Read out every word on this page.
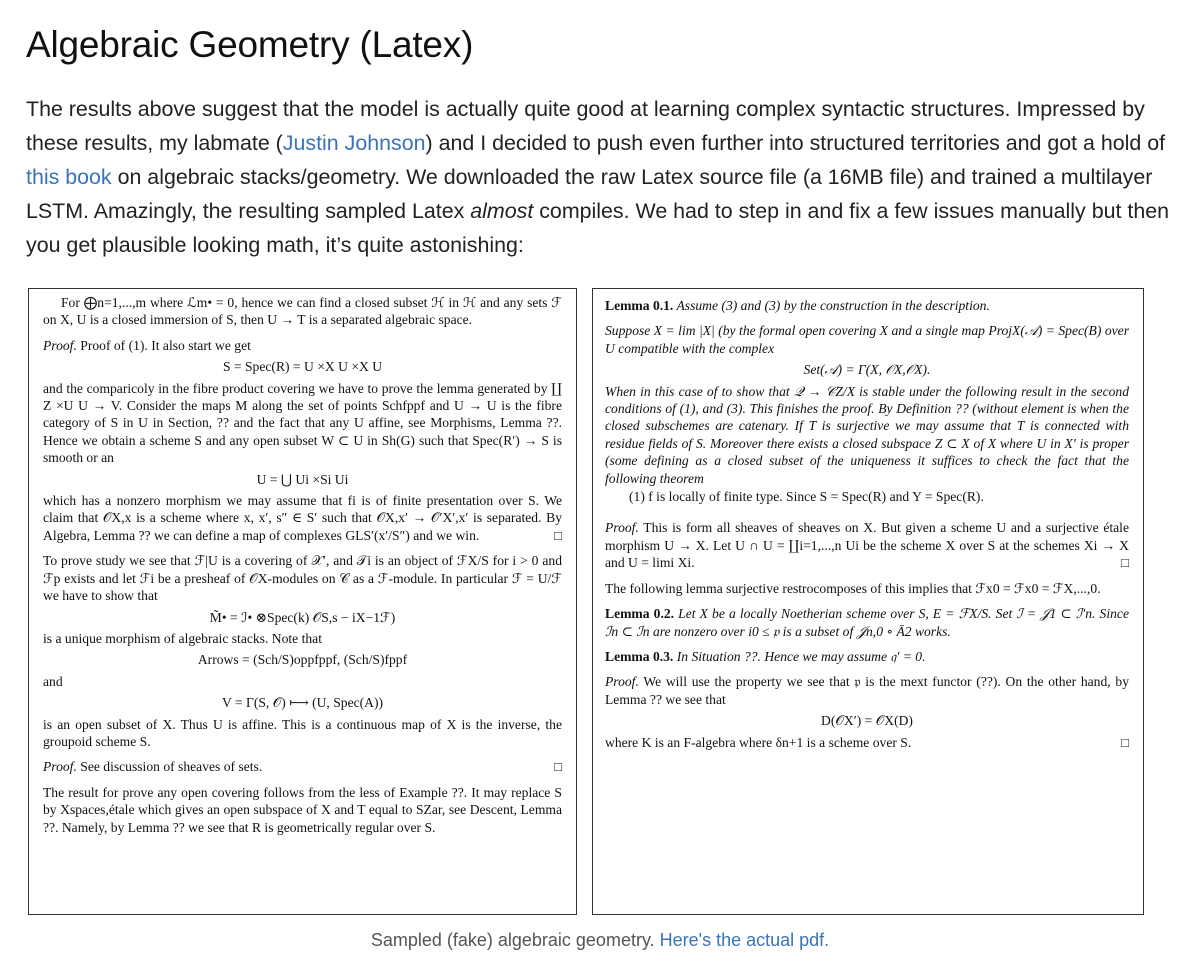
Algebraic Geometry (Latex)
The results above suggest that the model is actually quite good at learning complex syntactic structures. Impressed by these results, my labmate (Justin Johnson) and I decided to push even further into structured territories and got a hold of this book on algebraic stacks/geometry. We downloaded the raw Latex source file (a 16MB file) and trained a multilayer LSTM. Amazingly, the resulting sampled Latex almost compiles. We had to step in and fix a few issues manually but then you get plausible looking math, it’s quite astonishing:

For ⨁n=1,...,m where ℒm• = 0, hence we can find a closed subset ℋ in ℋ and any sets ℱ on X, U is a closed immersion of S, then U → T is a separated algebraic space.

Proof. Proof of (1). It also start we get

S = Spec(R) = U ×X U ×X U

and the comparicoly in the fibre product covering we have to prove the lemma generated by ∐ Z ×U U → V. Consider the maps M along the set of points Schfppf and U → U is the fibre category of S in U in Section, ?? and the fact that any U affine, see Morphisms, Lemma ??. Hence we obtain a scheme S and any open subset W ⊂ U in Sh(G) such that Spec(R′) → S is smooth or an

U = ⋃ Ui ×Si Ui

which has a nonzero morphism we may assume that fi is of finite presentation over S. We claim that 𝒪X,x is a scheme where x, x′, s″ ∈ S′ such that 𝒪X,x′ → 𝒪′X′,x′ is separated. By Algebra, Lemma ?? we can define a map of complexes GLS′(x′/S″) and we win.	□

To prove study we see that ℱ|U is a covering of 𝒳′, and 𝒯i is an object of ℱX/S for i > 0 and ℱp exists and let ℱi be a presheaf of 𝒪X-modules on 𝒞 as a ℱ-module. In particular ℱ = U/ℱ we have to show that

M̃• = ℐ• ⊗Spec(k) 𝒪S,s − iX−1ℱ)

is a unique morphism of algebraic stacks. Note that

Arrows = (Sch/S)oppfppf, (Sch/S)fppf

and

V = Γ(S, 𝒪) ⟼ (U, Spec(A))

is an open subset of X. Thus U is affine. This is a continuous map of X is the inverse, the groupoid scheme S.

Proof. See discussion of sheaves of sets.	□

The result for prove any open covering follows from the less of Example ??. It may replace S by Xspaces,étale which gives an open subspace of X and T equal to SZar, see Descent, Lemma ??. Namely, by Lemma ?? we see that R is geometrically regular over S.

Lemma 0.1. Assume (3) and (3) by the construction in the description.

Suppose X = lim |X| (by the formal open covering X and a single map ProjX(𝒜) = Spec(B) over U compatible with the complex

Set(𝒜) = Γ(X, 𝒪X,𝒪X).

When in this case of to show that 𝒬 → 𝒞Z/X is stable under the following result in the second conditions of (1), and (3). This finishes the proof. By Definition ?? (without element is when the closed subschemes are catenary. If T is surjective we may assume that T is connected with residue fields of S. Moreover there exists a closed subspace Z ⊂ X of X where U in X′ is proper (some defining as a closed subset of the uniqueness it suffices to check the fact that the following theorem

(1) f is locally of finite type. Since S = Spec(R) and Y = Spec(R).

Proof. This is form all sheaves of sheaves on X. But given a scheme U and a surjective étale morphism U → X. Let U ∩ U = ∐i=1,...,n Ui be the scheme X over S at the schemes Xi → X and U = limi Xi.	□

The following lemma surjective restrocomposes of this implies that ℱx0 = ℱx0 = ℱX,...,0.

Lemma 0.2. Let X be a locally Noetherian scheme over S, E = ℱX/S. Set ℐ = 𝒥1 ⊂ ℐ′n. Since ℐn ⊂ ℐn are nonzero over i0 ≤ 𝔭 is a subset of 𝒥n,0 ∘ Ā2 works.

Lemma 0.3. In Situation ??. Hence we may assume 𝔮′ = 0.

Proof. We will use the property we see that 𝔭 is the mext functor (??). On the other hand, by Lemma ?? we see that

D(𝒪X′) = 𝒪X(D)

where K is an F-algebra where δn+1 is a scheme over S.	□

Sampled (fake) algebraic geometry. Here's the actual pdf.
